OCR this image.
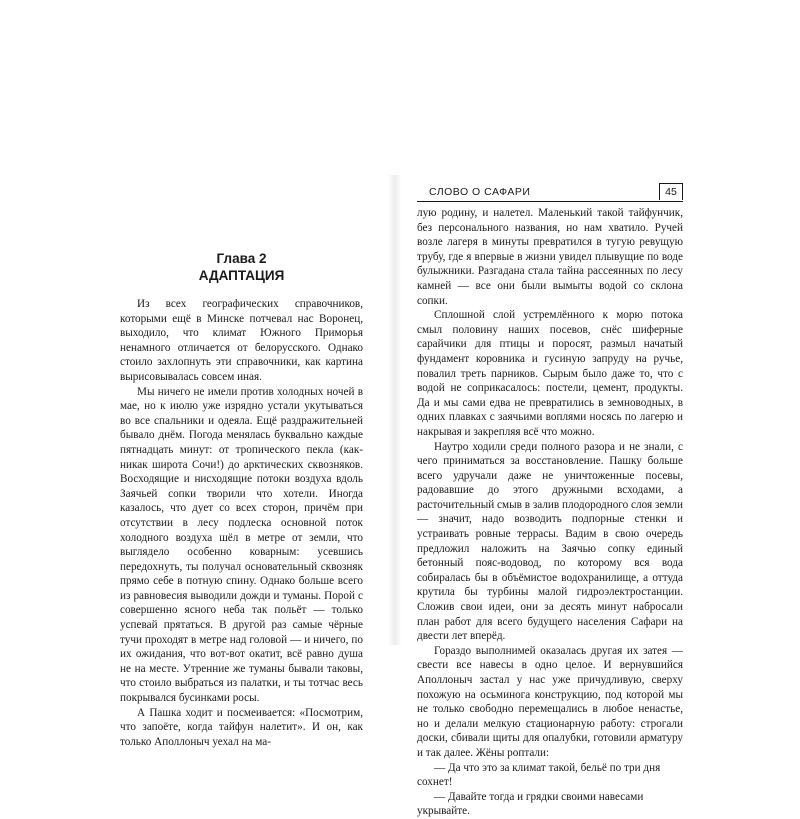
Глава 2
АДАПТАЦИЯ

Из всех географических справочников, которыми ещё в Минске потчевал нас Воронец, выходило, что климат Южного Приморья ненамного отличается от белорусского. Однако стоило захлопнуть эти справочники, как картина вырисовывалась совсем иная.

Мы ничего не имели против холодных ночей в мае, но к июлю уже изрядно устали укутываться во все спальники и одеяла. Ещё раздражительней бывало днём. Погода менялась буквально каждые пятнадцать минут: от тропического пекла (как-никак широта Сочи!) до арктических сквозняков. Восходящие и нисходящие потоки воздуха вдоль Заячьей сопки творили что хотели. Иногда казалось, что дует со всех сторон, причём при отсутствии в лесу подлеска основной поток холодного воздуха шёл в метре от земли, что выглядело особенно коварным: усевшись передохнуть, ты получал основательный сквозняк прямо себе в потную спину. Однако больше всего из равновесия выводили дожди и туманы. Порой с совершенно ясного неба так польёт — только успевай прятаться. В другой раз самые чёрные тучи проходят в метре над головой — и ничего, по их ожидания, что вот-вот окатит, всё равно душа не на месте. Утренние же туманы бывали таковы, что стоило выбраться из палатки, и ты тотчас весь покрывался бусинками росы.

А Пашка ходит и посмеивается: «Посмотрим, что запоёте, когда тайфун налетит». И он, как только Аполлоныч уехал на ма-

СЛОВО О САФАРИ	45

лую родину, и налетел. Маленький такой тайфунчик, без персонального названия, но нам хватило. Ручей возле лагеря в минуты превратился в тугую ревущую трубу, где я впервые в жизни увидел плывущие по воде булыжники. Разгадана стала тайна рассеянных по лесу камней — все они были вымыты водой со склона сопки.

Сплошной слой устремлённого к морю потока смыл половину наших посевов, снёс шиферные сарайчики для птицы и поросят, размыл начатый фундамент коровника и гусиную запруду на ручье, повалил треть парников. Сырым было даже то, что с водой не соприкасалось: постели, цемент, продукты. Да и мы сами едва не превратились в земноводных, в одних плавках с заячьими воплями носясь по лагерю и накрывая и закрепляя всё что можно.

Наутро ходили среди полного разора и не знали, с чего приниматься за восстановление. Пашку больше всего удручали даже не уничтоженные посевы, радовавшие до этого дружными всходами, а расточительный смыв в залив плодородного слоя земли — значит, надо возводить подпорные стенки и устраивать ровные террасы. Вадим в свою очередь предложил наложить на Заячью сопку единый бетонный пояс-водовод, по которому вся вода собиралась бы в объёмистое водохранилище, а оттуда крутила бы турбины малой гидроэлектростанции. Сложив свои идеи, они за десять минут набросали план работ для всего будущего населения Сафари на двести лет вперёд.

Гораздо выполнимей оказалась другая их затея — свести все навесы в одно целое. И вернувшийся Аполлоныч застал у нас уже причудливую, сверху похожую на осьминога конструкцию, под которой мы не только свободно перемещались в любое ненастье, но и делали мелкую стационарную работу: строгали доски, сбивали щиты для опалубки, готовили арматуру и так далее. Жёны роптали:

— Да что это за климат такой, бельё по три дня сохнет!

— Давайте тогда и грядки своими навесами укрывайте.
